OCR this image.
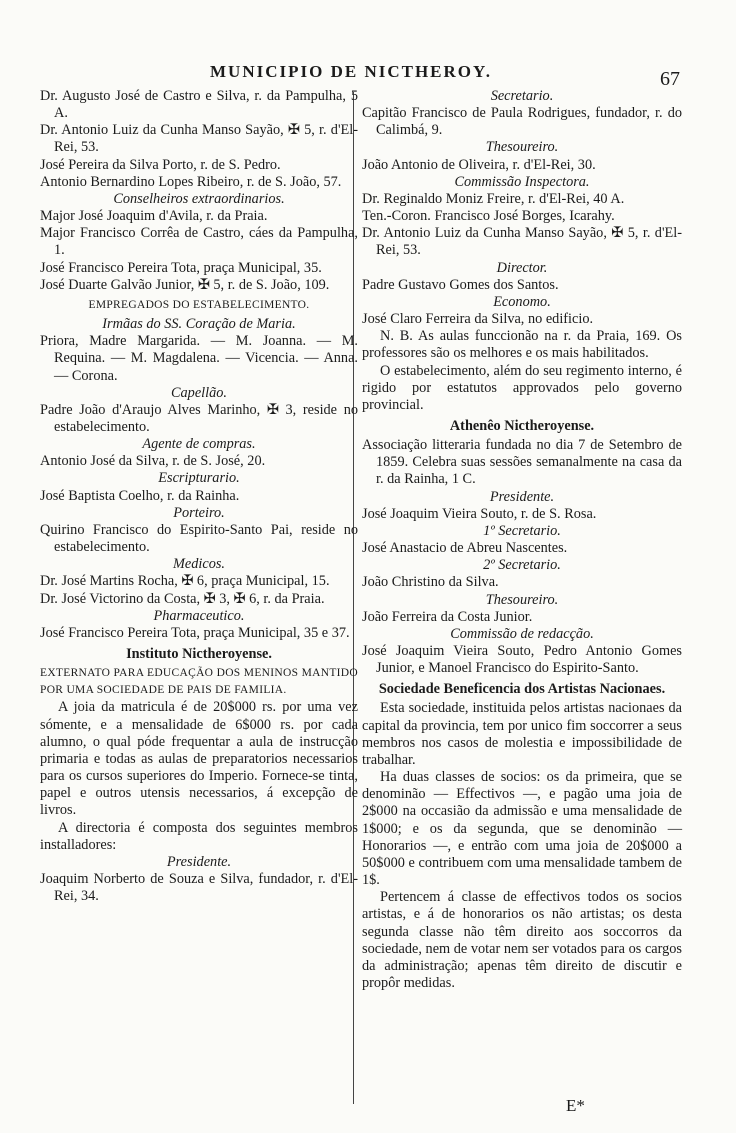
MUNICIPIO DE NICTHEROY.	67
Dr. Augusto José de Castro e Silva, r. da Pampulha, 5 A.
Dr. Antonio Luiz da Cunha Manso Sayão, ✠ 5, r. d'El-Rei, 53.
José Pereira da Silva Porto, r. de S. Pedro.
Antonio Bernardino Lopes Ribeiro, r. de S. João, 57.
Conselheiros extraordinarios.
Major José Joaquim d'Avila, r. da Praia.
Major Francisco Corrêa de Castro, cáes da Pampulha, 1.
José Francisco Pereira Tota, praça Municipal, 35.
José Duarte Galvão Junior, ✠ 5, r. de S. João, 109.
EMPREGADOS DO ESTABELECIMENTO.
Irmãas do SS. Coração de Maria.
Priora, Madre Margarida. — M. Joanna. — M. Requina. — M. Magdalena. — Vicencia. — Anna. — Corona.
Capellão.
Padre João d'Araujo Alves Marinho, ✠ 3, reside no estabelecimento.
Agente de compras.
Antonio José da Silva, r. de S. José, 20.
Escripturario.
José Baptista Coelho, r. da Rainha.
Porteiro.
Quirino Francisco do Espirito-Santo Pai, reside no estabelecimento.
Medicos.
Dr. José Martins Rocha, ✠ 6, praça Municipal, 15.
Dr. José Victorino da Costa, ✠ 3, ✠ 6, r. da Praia.
Pharmaceutico.
José Francisco Pereira Tota, praça Municipal, 35 e 37.
Instituto Nictheroyense.
EXTERNATO PARA EDUCAÇÃO DOS MENINOS MANTIDO POR UMA SOCIEDADE DE PAIS DE FAMILIA.
A joia da matricula é de 20$000 rs. por uma vez sómente, e a mensalidade de 6$000 rs. por cada alumno, o qual póde frequentar a aula de instrucção primaria e todas as aulas de preparatorios necessarios para os cursos superiores do Imperio. Fornece-se tinta, papel e outros utensis necessarios, á excepção de livros.
A directoria é composta dos seguintes membros installadores:
Presidente.
Joaquim Norberto de Souza e Silva, fundador, r. d'El-Rei, 34.
Secretario.
Capitão Francisco de Paula Rodrigues, fundador, r. do Calimbá, 9.
Thesoureiro.
João Antonio de Oliveira, r. d'El-Rei, 30.
Commissão Inspectora.
Dr. Reginaldo Moniz Freire, r. d'El-Rei, 40 A.
Ten.-Coron. Francisco José Borges, Icarahy.
Dr. Antonio Luiz da Cunha Manso Sayão, ✠ 5, r. d'El-Rei, 53.
Director.
Padre Gustavo Gomes dos Santos.
Economo.
José Claro Ferreira da Silva, no edificio.
N. B. As aulas funccionão na r. da Praia, 169. Os professores são os melhores e os mais habilitados.
O estabelecimento, além do seu regimento interno, é rigido por estatutos approvados pelo governo provincial.
Athenêo Nictheroyense.
Associação litteraria fundada no dia 7 de Setembro de 1859. Celebra suas sessões semanalmente na casa da r. da Rainha, 1 C.
Presidente.
José Joaquim Vieira Souto, r. de S. Rosa.
1º Secretario.
José Anastacio de Abreu Nascentes.
2º Secretario.
João Christino da Silva.
Thesoureiro.
João Ferreira da Costa Junior.
Commissão de redacção.
José Joaquim Vieira Souto, Pedro Antonio Gomes Junior, e Manoel Francisco do Espirito-Santo.
Sociedade Beneficencia dos Artistas Nacionaes.
Esta sociedade, instituida pelos artistas nacionaes da capital da provincia, tem por unico fim soccorrer a seus membros nos casos de molestia e impossibilidade de trabalhar.
Ha duas classes de socios: os da primeira, que se denominão — Effectivos —, e pagão uma joia de 2$000 na occasião da admissão e uma mensalidade de 1$000; e os da segunda, que se denominão — Honorarios —, e entrão com uma joia de 20$000 a 50$000 e contribuem com uma mensalidade tambem de 1$.
Pertencem á classe de effectivos todos os socios artistas, e á de honorarios os não artistas; os desta segunda classe não têm direito aos soccorros da sociedade, nem de votar nem ser votados para os cargos da administração; apenas têm direito de discutir e propôr medidas.
E*
